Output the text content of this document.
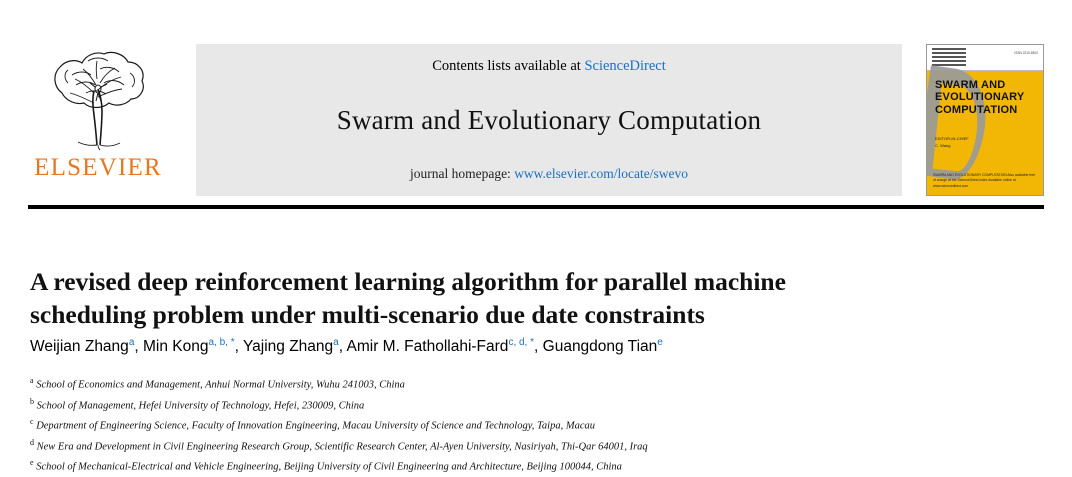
ELSEVIER
Contents lists available at ScienceDirect
Swarm and Evolutionary Computation
journal homepage: www.elsevier.com/locate/swevo
ISSN 2210-6502
SWARM AND EVOLUTIONARY COMPUTATION
EDITOR-IN-CHIEF
C. Wang
SWARM AND EVOLUTIONARY COMPUTATION Also available free of charge at the ScienceDirect index Available online at www.sciencedirect.com
A revised deep reinforcement learning algorithm for parallel machine scheduling problem under multi-scenario due date constraints
Weijian Zhang$^a$, Min Kong$^{a, b, *}$, Yajing Zhang$^a$, Amir M. Fathollahi-Fard$^{c, d, *}$, Guangdong Tian$^e$
$^a$ School of Economics and Management, Anhui Normal University, Wuhu 241003, China
$^b$ School of Management, Hefei University of Technology, Hefei, 230009, China
$^c$ Department of Engineering Science, Faculty of Innovation Engineering, Macau University of Science and Technology, Taipa, Macau
$^d$ New Era and Development in Civil Engineering Research Group, Scientific Research Center, Al-Ayen University, Nasiriyah, Thi-Qar 64001, Iraq
$^e$ School of Mechanical-Electrical and Vehicle Engineering, Beijing University of Civil Engineering and Architecture, Beijing 100044, China
